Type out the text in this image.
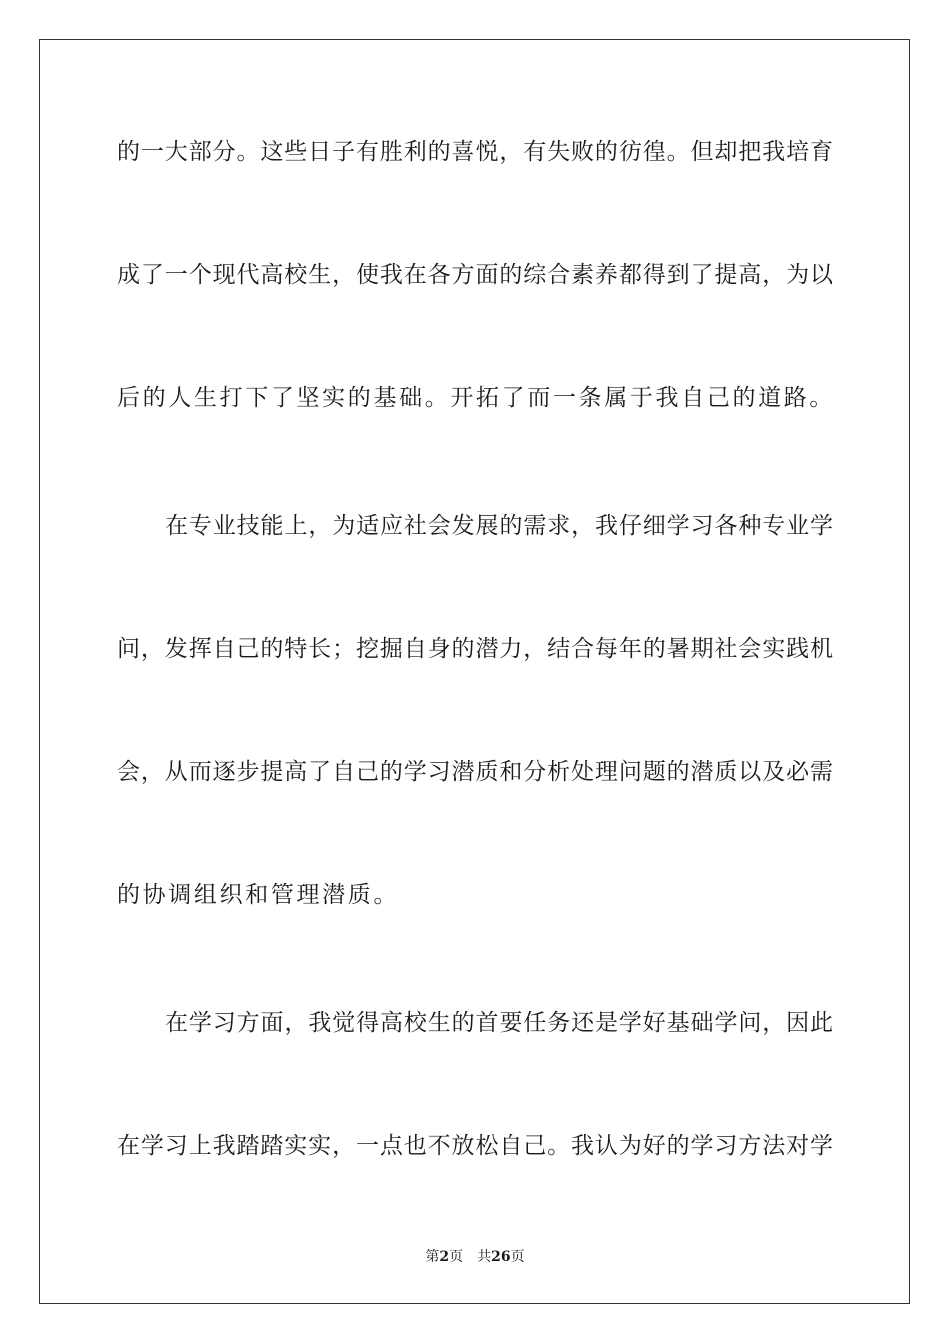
的一大部分。这些日子有胜利的喜悦，有失败的彷徨。但却把我培育

成了一个现代高校生，使我在各方面的综合素养都得到了提高，为以

后的人生打下了坚实的基础。开拓了而一条属于我自己的道路。

在专业技能上，为适应社会发展的需求，我仔细学习各种专业学

问，发挥自己的特长；挖掘自身的潜力，结合每年的暑期社会实践机

会，从而逐步提高了自己的学习潜质和分析处理问题的潜质以及必需

的协调组织和管理潜质。

在学习方面，我觉得高校生的首要任务还是学好基础学问，因此

在学习上我踏踏实实，一点也不放松自己。我认为好的学习方法对学

第2页 共26页
